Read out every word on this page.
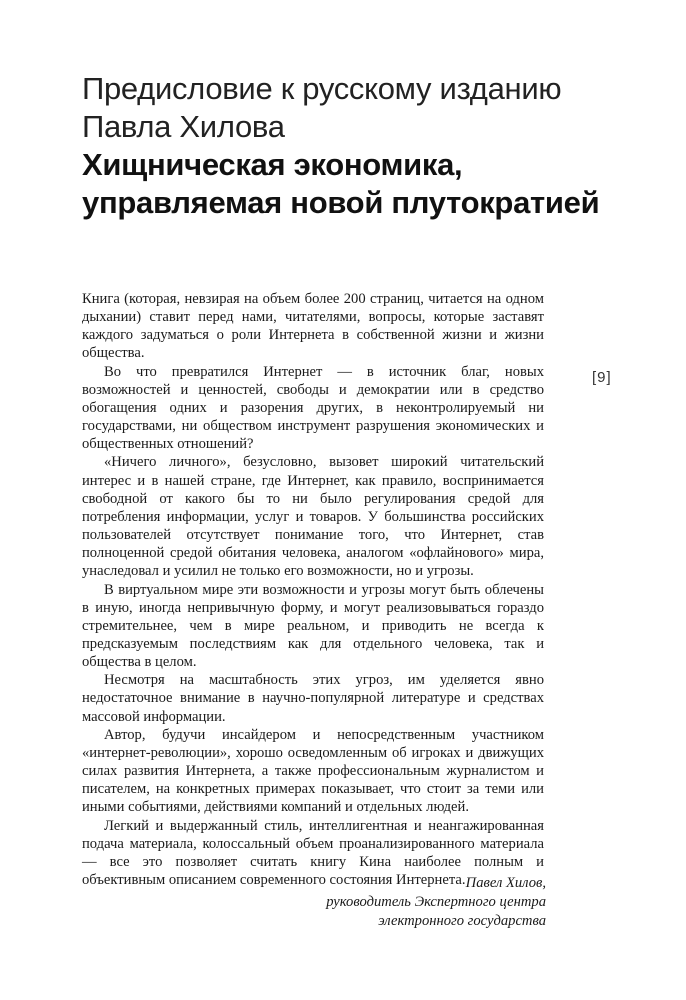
Предисловие к русскому изданию
Павла Хилова
Хищническая экономика,
управляемая новой плутократией
[9]

Книга (которая, невзирая на объем более 200 страниц, читается на одном дыхании) ставит перед нами, читателями, вопросы, которые заставят каждого задуматься о роли Интернета в собственной жизни и жизни общества.

Во что превратился Интернет — в источник благ, новых возможностей и ценностей, свободы и демократии или в средство обогащения одних и разорения других, в неконтролируемый ни государствами, ни обществом инструмент разрушения экономических и общественных отношений?

«Ничего личного», безусловно, вызовет широкий читательский интерес и в нашей стране, где Интернет, как правило, воспринимается свободной от какого бы то ни было регулирования средой для потребления информации, услуг и товаров. У большинства российских пользователей отсутствует понимание того, что Интернет, став полноценной средой обитания человека, аналогом «офлайнового» мира, унаследовал и усилил не только его возможности, но и угрозы.

В виртуальном мире эти возможности и угрозы могут быть облечены в иную, иногда непривычную форму, и могут реализовываться гораздо стремительнее, чем в мире реальном, и приводить не всегда к предсказуемым последствиям как для отдельного человека, так и общества в целом.

Несмотря на масштабность этих угроз, им уделяется явно недостаточное внимание в научно-популярной литературе и средствах массовой информации.

Автор, будучи инсайдером и непосредственным участником «интернет-революции», хорошо осведомленным об игроках и движущих силах развития Интернета, а также профессиональным журналистом и писателем, на конкретных примерах показывает, что стоит за теми или иными событиями, действиями компаний и отдельных людей.

Легкий и выдержанный стиль, интеллигентная и неангажированная подача материала, колоссальный объем проанализированного материала — все это позволяет считать книгу Кина наиболее полным и объективным описанием современного состояния Интернета. Павел Хилов,
руководитель Экспертного центра
электронного государства
